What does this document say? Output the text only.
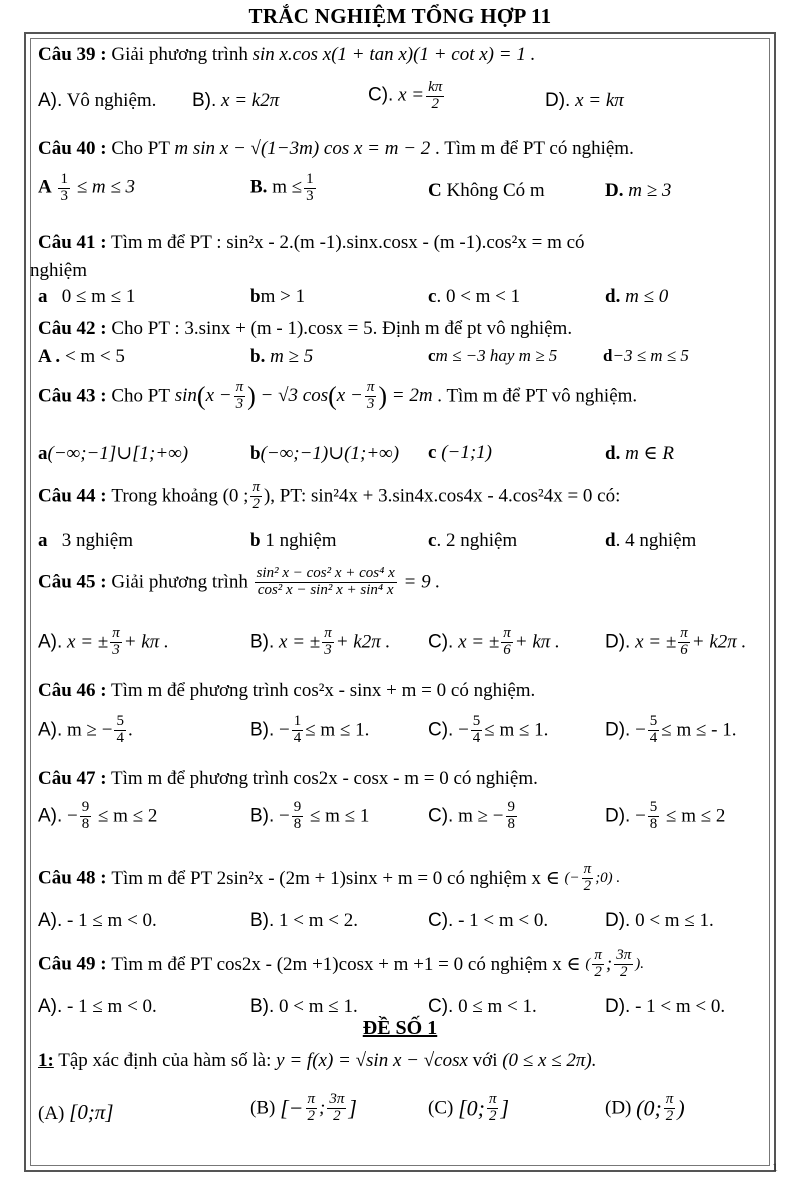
TRẮC NGHIỆM TỔNG HỢP 11
Câu 39 : Giải phương trình sin x.cos x(1 + tan x)(1 + cot x) = 1 .
A). Vô nghiệm. B). x = k2π	C). $x = \frac{k\pi}{2}$	D). x = kπ
Câu 40 : Cho PT m sin x − √(1−3m) cos x = m − 2 . Tìm m để PT có nghiệm.
A $\frac{1}{3} \le m \le 3$	B. $m \le \frac{1}{3}$	C Không Có m	D. m ≥ 3
Câu 41 : Tìm m để PT : sin²x - 2.(m -1).sinx.cosx - (m -1).cos²x = m có
nghiệm
a 0 ≤ m ≤ 1	bm > 1	c. 0 < m < 1	d. m ≤ 0
Câu 42 : Cho PT : 3.sinx + (m - 1).cosx = 5. Định m để pt vô nghiệm.
A . < m < 5	b. m ≥ 5	cm ≤ −3 hay m ≥ 5	d−3 ≤ m ≤ 5
Câu 43 : Cho PT $\sin(x - \frac{\pi}{3}$ ) − √3 $\cos(x - \frac{\pi}{3}$ ) = 2m . Tìm m để PT vô nghiệm.
a(−∞;−1]∪[1;+∞)	b(−∞;−1)∪(1;+∞) c (−1;1)	d. m ∈ R
Câu 44 : Trong khoảng (0 ; $\frac{\pi}{2}$ ), PT: sin²4x + 3.sin4x.cos4x - 4.cos²4x = 0 có:
a 3 nghiệm	b 1 nghiệm	c. 2 nghiệm	d. 4 nghiệm
Câu 45 : Giải phương trình $\frac{\text{sin² x − cos² x + cos⁴ x}}{\text{cos² x − sin² x + sin⁴ x}} = 9$ .
A). x = ± $\frac{\pi}{3} + k\pi$ .	B). x = ± $\frac{\pi}{3} + k2\pi$ . C). x = ± $\frac{\pi}{6} + k\pi$ . D). x = ± $\frac{\pi}{6} + k2\pi$ .
Câu 46 : Tìm m để phương trình cos²x - sinx + m = 0 có nghiệm.
A). m ≥ − $\frac{5}{4}$ .	B). − $\frac{1}{4} \le m \le 1$.	C). − $\frac{5}{4} \le m \le 1$.	D). − $\frac{5}{4} \le m$ ≤ - 1.
Câu 47 : Tìm m để phương trình cos2x - cosx - m = 0 có nghiệm.
A). − $\frac{9}{8} \le m \le 2$	B). − $\frac{9}{8} \le m \le 1$	C). m ≥ − $\frac{9}{8}$	D). − $\frac{5}{8} \le m \le 2$
Câu 48 : Tìm m để PT 2sin²x - (2m + 1)sinx + m = 0 có nghiệm x ∈ (− $\frac{\pi}{2}$ ;0) .
A). - 1 ≤ m < 0.	B). 1 < m < 2.	C). - 1 < m < 0.	D). 0 < m ≤ 1.
Câu 49 : Tìm m để PT cos2x - (2m +1)cosx + m +1 = 0 có nghiệm x ∈ ( $\frac{\pi}{2}$ ; $\frac{3\pi}{2}$ ).
A). - 1 ≤ m < 0.	B). 0 < m ≤ 1.	C). 0 ≤ m < 1.	D). - 1 < m < 0.
ĐỀ SỐ 1
1: Tập xác định của hàm số là: y = f(x) = √sin x − √cosx với (0 ≤ x ≤ 2π).
(A) [0;π]	(B) [− $\frac{\pi}{2}$ ; $\frac{3\pi}{2}$ ]	(C) [0; $\frac{\pi}{2}$ ]	(D) (0; $\frac{\pi}{2}$ )
1
